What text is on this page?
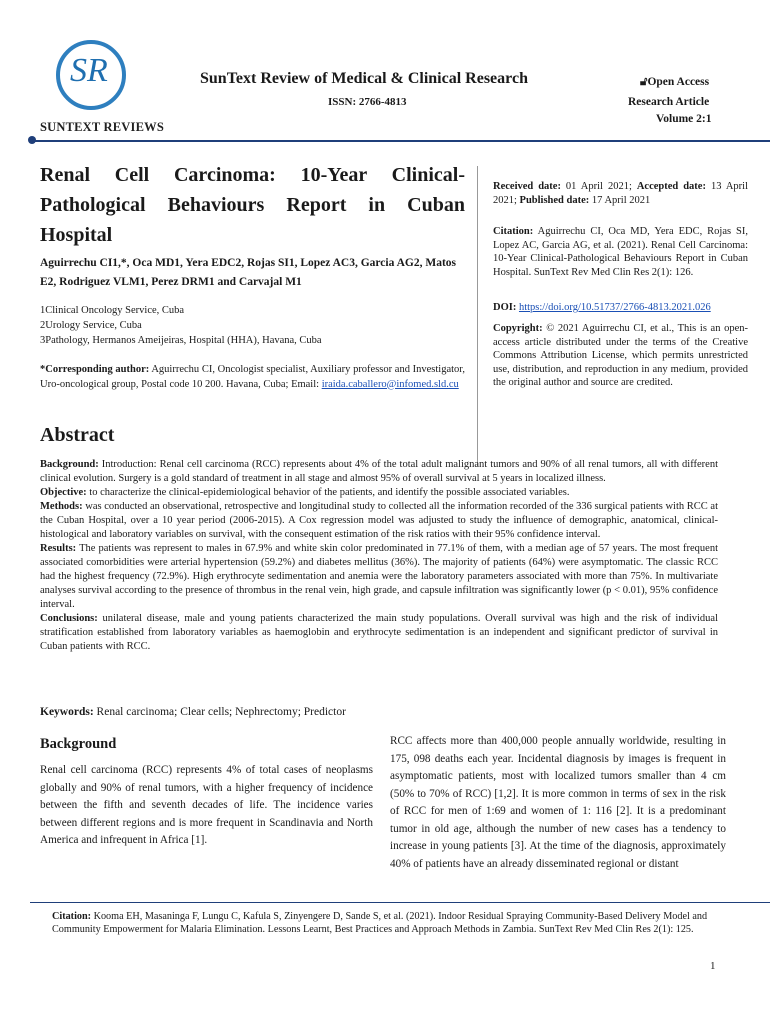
SR
SUNTEXT REVIEWS
SunText Review of Medical & Clinical Research
ISSN: 2766-4813
🔓︎Open Access
Research Article
Volume 2:1
Renal Cell Carcinoma: 10-Year Clinical-
Pathological Behaviours Report in Cuban
Hospital
Aguirrechu CI1,*, Oca MD1, Yera EDC2, Rojas SI1, Lopez AC3, Garcia AG2, Matos E2, Rodriguez VLM1, Perez DRM1 and Carvajal M1
1Clinical Oncology Service, Cuba
2Urology Service, Cuba
3Pathology, Hermanos Ameijeiras, Hospital (HHA), Havana, Cuba
*Corresponding author: Aguirrechu CI, Oncologist specialist, Auxiliary professor and Investigator, Uro-oncological group, Postal code 10 200. Havana, Cuba; Email: iraida.caballero@infomed.sld.cu
Received date: 01 April 2021; Accepted date: 13 April 2021; Published date: 17 April 2021
Citation: Aguirrechu CI, Oca MD, Yera EDC, Rojas SI, Lopez AC, Garcia AG, et al. (2021). Renal Cell Carcinoma: 10-Year Clinical-Pathological Behaviours Report in Cuban Hospital. SunText Rev Med Clin Res 2(1): 126.
DOI: https://doi.org/10.51737/2766-4813.2021.026
Copyright: © 2021 Aguirrechu CI, et al., This is an open-access article distributed under the terms of the Creative Commons Attribution License, which permits unrestricted use, distribution, and reproduction in any medium, provided the original author and source are credited.
Abstract

Background: Introduction: Renal cell carcinoma (RCC) represents about 4% of the total adult malignant tumors and 90% of all renal tumors, all with different clinical evolution. Surgery is a gold standard of treatment in all stage and almost 95% of overall survival at 5 years in localized illness.

Objective: to characterize the clinical-epidemiological behavior of the patients, and identify the possible associated variables.

Methods: was conducted an observational, retrospective and longitudinal study to collected all the information recorded of the 336 surgical patients with RCC at the Cuban Hospital, over a 10 year period (2006-2015). A Cox regression model was adjusted to study the influence of demographic, anatomical, clinical-histological and laboratory variables on survival, with the consequent estimation of the risk ratios with their 95% confidence interval.

Results: The patients was represent to males in 67.9% and white skin color predominated in 77.1% of them, with a median age of 57 years. The most frequent associated comorbidities were arterial hypertension (59.2%) and diabetes mellitus (36%). The majority of patients (64%) were asymptomatic. The classic RCC had the highest frequency (72.9%). High erythrocyte sedimentation and anemia were the laboratory parameters associated with more than 75%. In multivariate analyses survival according to the presence of thrombus in the renal vein, high grade, and capsule infiltration was significantly lower (p < 0.01), 95% confidence interval.

Conclusions: unilateral disease, male and young patients characterized the main study populations. Overall survival was high and the risk of individual stratification established from laboratory variables as haemoglobin and erythrocyte sedimentation is an independent and significant predictor of survival in Cuban patients with RCC.

Keywords: Renal carcinoma; Clear cells; Nephrectomy; Predictor
Background
Renal cell carcinoma (RCC) represents 4% of total cases of neoplasms globally and 90% of renal tumors, with a higher frequency of incidence between the fifth and seventh decades of life. The incidence varies between different regions and is more frequent in Scandinavia and North America and infrequent in Africa [1].
RCC affects more than 400,000 people annually worldwide, resulting in 175, 098 deaths each year. Incidental diagnosis by images is frequent in asymptomatic patients, most with localized tumors smaller than 4 cm (50% to 70% of RCC) [1,2]. It is more common in terms of sex in the risk of RCC for men of 1:69 and women of 1: 116 [2]. It is a predominant tumor in old age, although the number of new cases has a tendency to increase in young patients [3]. At the time of the diagnosis, approximately 40% of patients have an already disseminated regional or distant
Citation: Kooma EH, Masaninga F, Lungu C, Kafula S, Zinyengere D, Sande S, et al. (2021). Indoor Residual Spraying Community-Based Delivery Model and Community Empowerment for Malaria Elimination. Lessons Learnt, Best Practices and Approach Methods in Zambia. SunText Rev Med Clin Res 2(1): 125.
1
